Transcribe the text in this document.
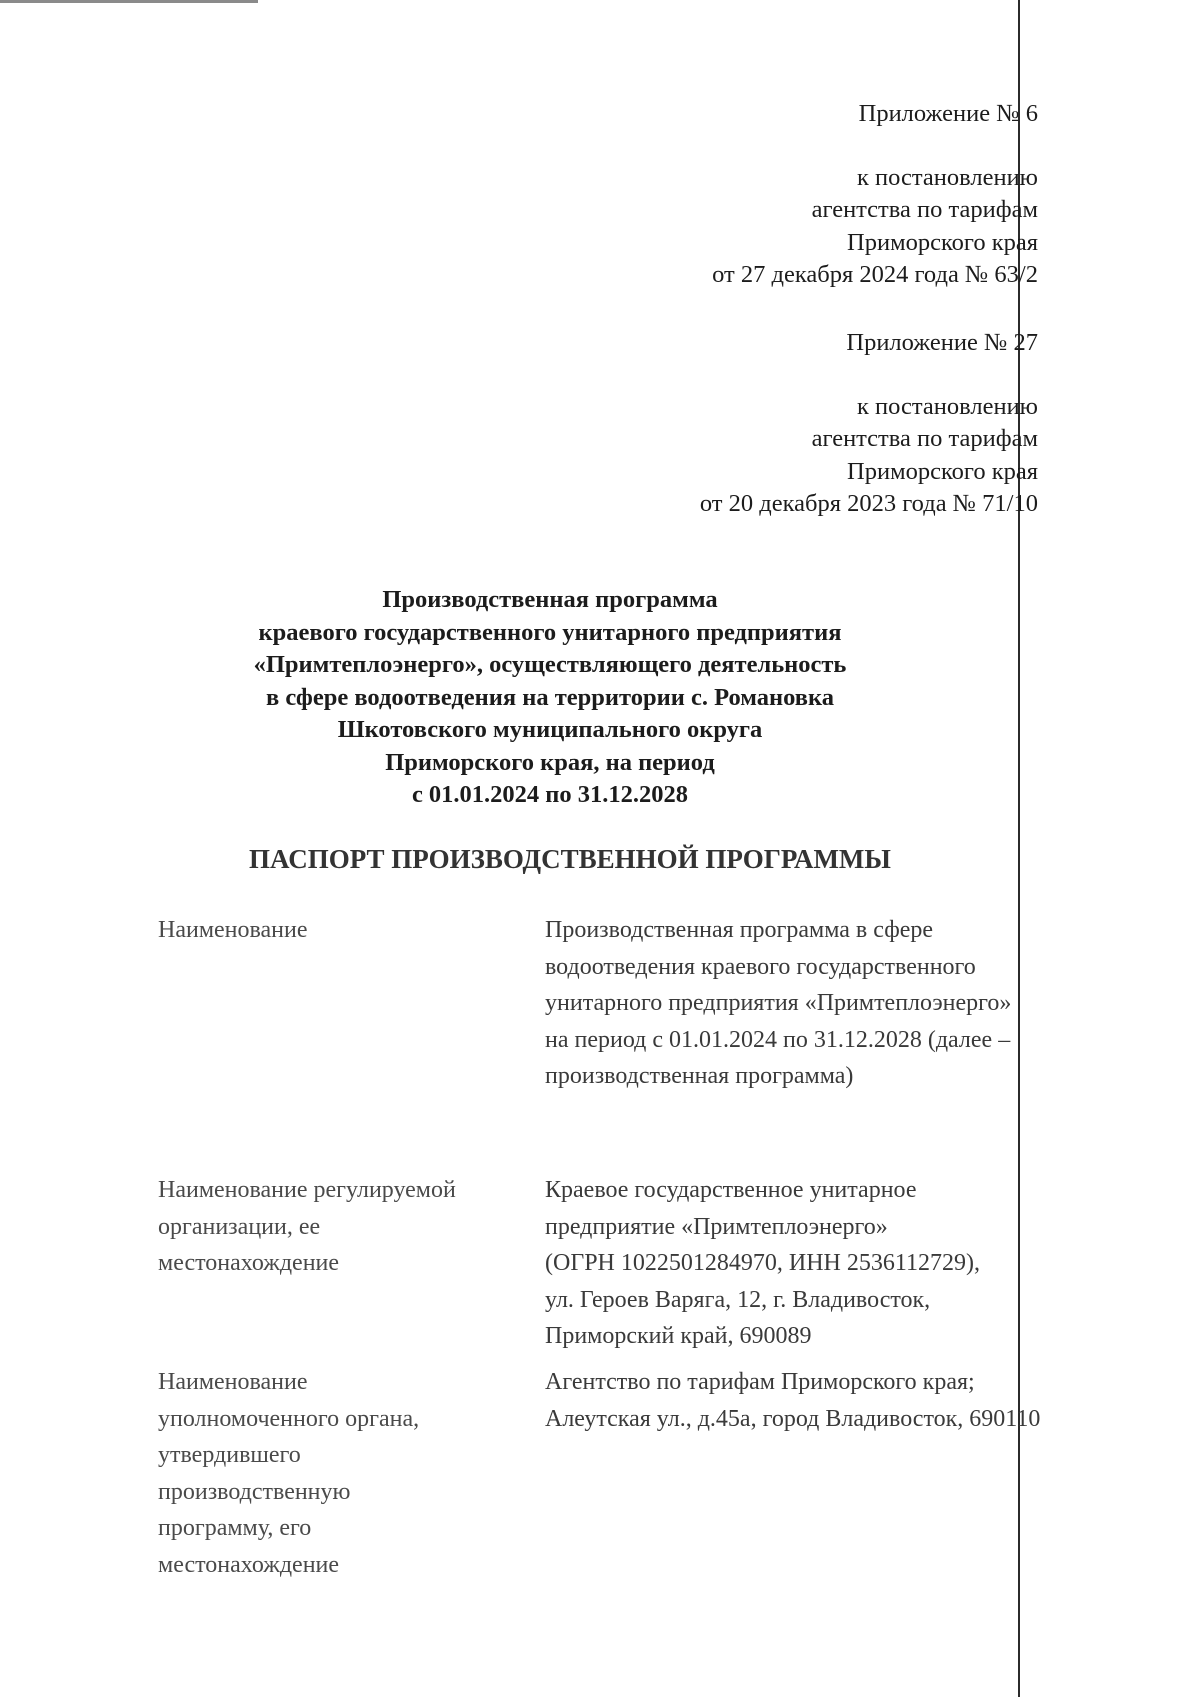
Приложение № 6
к постановлению
агентства по тарифам
Приморского края
от 27 декабря 2024 года № 63/2
Приложение № 27
к постановлению
агентства по тарифам
Приморского края
от 20 декабря 2023 года № 71/10
Производственная программа
краевого государственного унитарного предприятия
«Примтеплоэнерго», осуществляющего деятельность
в сфере водоотведения на территории с. Романовка
Шкотовского муниципального округа
Приморского края, на период
с 01.01.2024 по 31.12.2028
ПАСПОРТ ПРОИЗВОДСТВЕННОЙ ПРОГРАММЫ
Наименование	Производственная программа в сфере
водоотведения краевого государственного
унитарного предприятия «Примтеплоэнерго»
на период с 01.01.2024 по 31.12.2028 (далее –
производственная программа)
Наименование регулируемой
организации, ее
местонахождение
Краевое государственное унитарное
предприятие «Примтеплоэнерго»
(ОГРН 1022501284970, ИНН 2536112729),
ул. Героев Варяга, 12, г. Владивосток,
Приморский край, 690089
Наименование
уполномоченного органа,
утвердившего
производственную
программу, его
местонахождение
Агентство по тарифам Приморского края;
Алеутская ул., д.45а, город Владивосток, 690110
